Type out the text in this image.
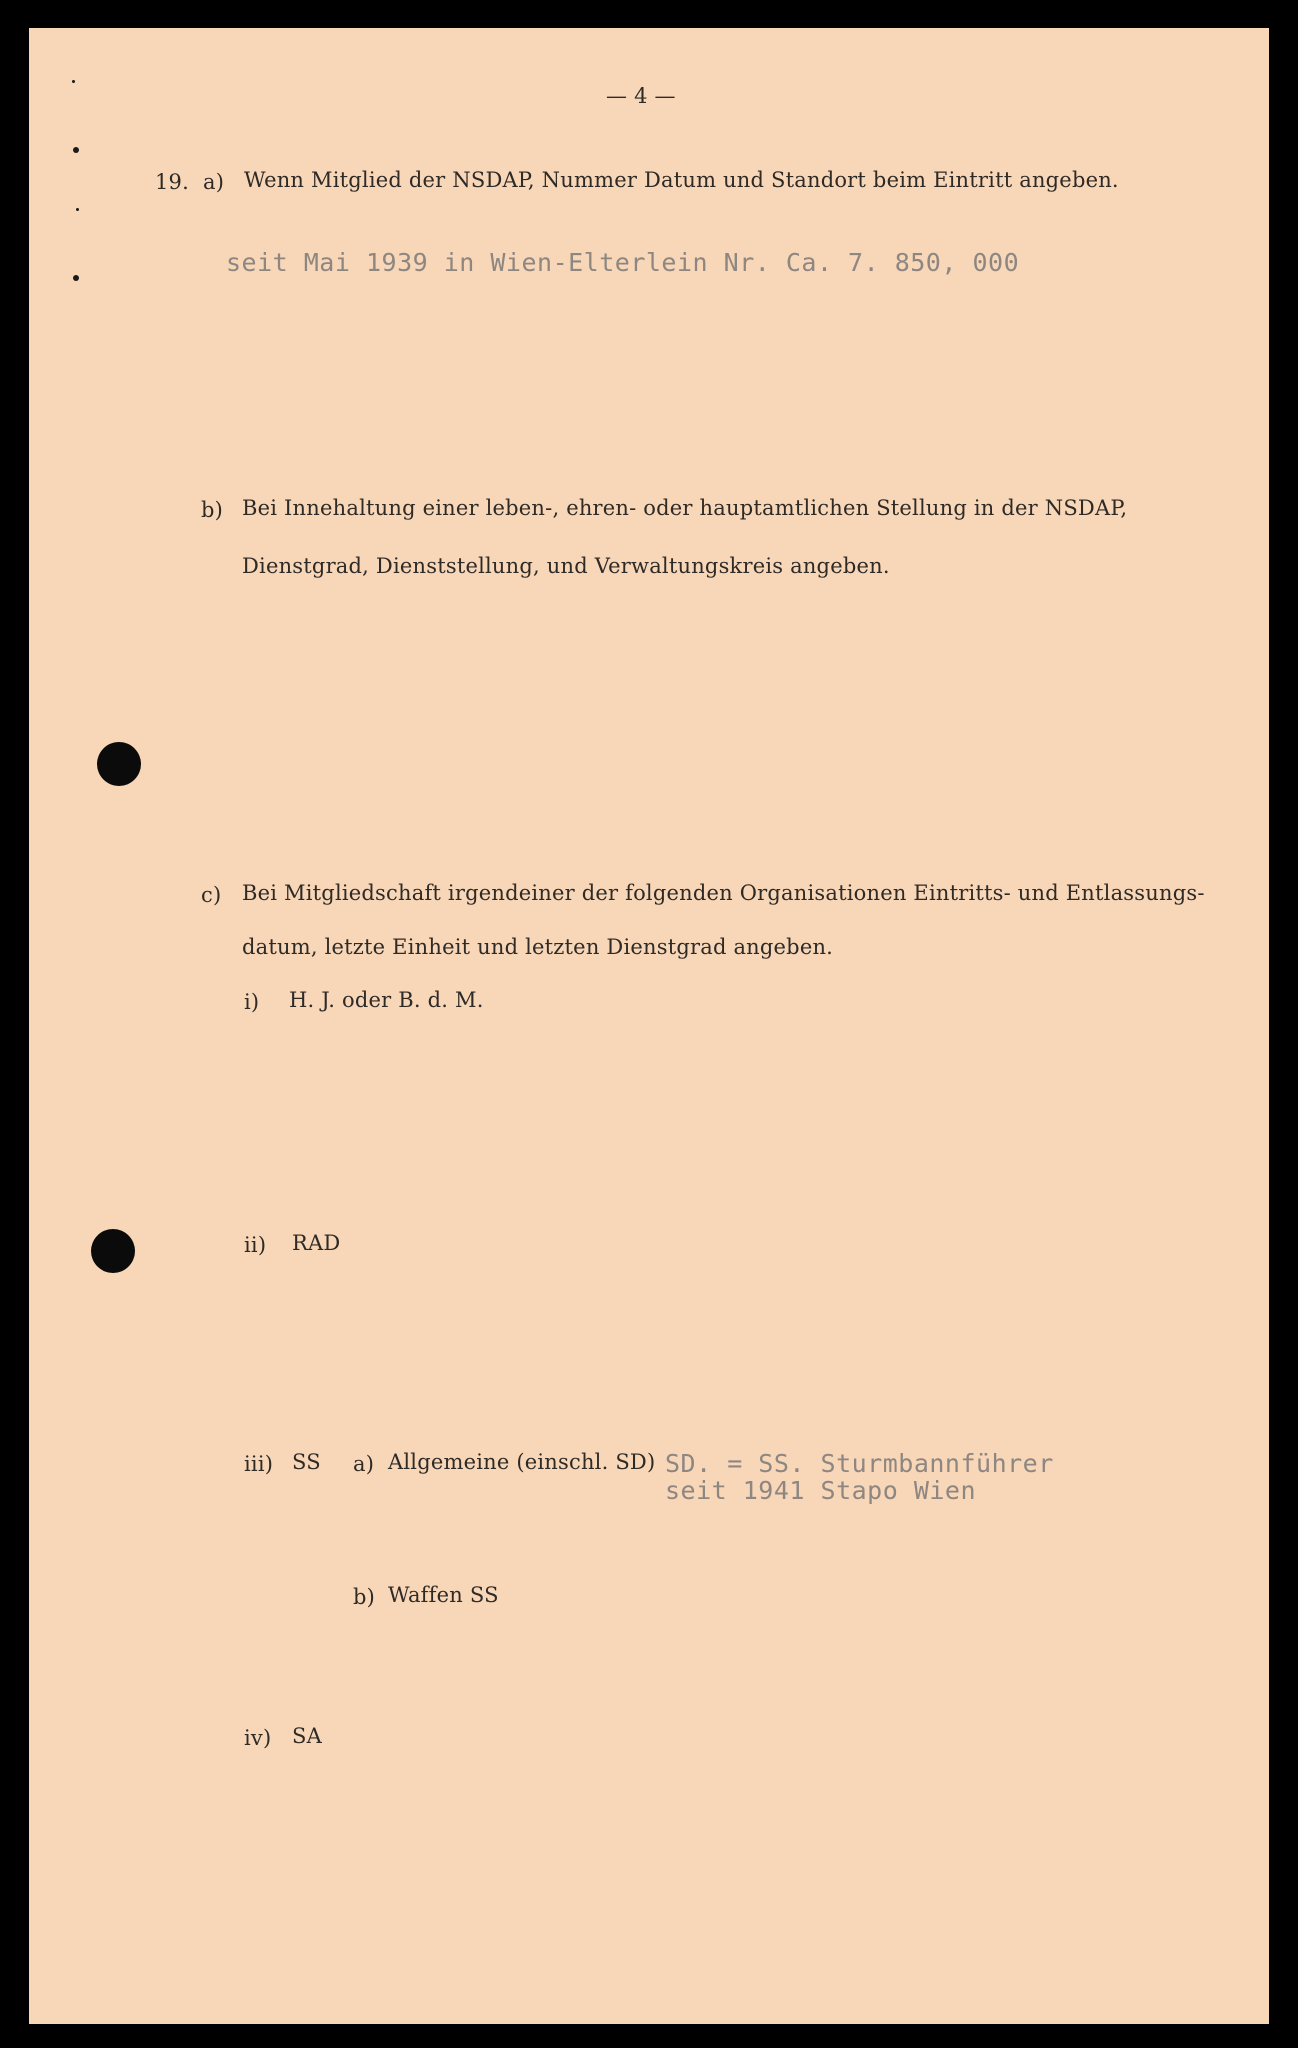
— 4 —
19. a) Wenn Mitglied der NSDAP, Nummer Datum und Standort beim Eintritt angeben.
seit Mai 1939 in Wien-Elterlein Nr. Ca. 7. 850, 000
b) Bei Innehaltung einer leben-, ehren- oder hauptamtlichen Stellung in der NSDAP,
Dienstgrad, Dienststellung, und Verwaltungskreis angeben.
c) Bei Mitgliedschaft irgendeiner der folgenden Organisationen Eintritts- und Entlassungs-
datum, letzte Einheit und letzten Dienstgrad angeben.
i) H. J. oder B. d. M.
ii) RAD
iii) SS a) Allgemeine (einschl. SD) SD. = SS. Sturmbannführer
seit 1941 Stapo Wien
b) Waffen SS
iv) SA
